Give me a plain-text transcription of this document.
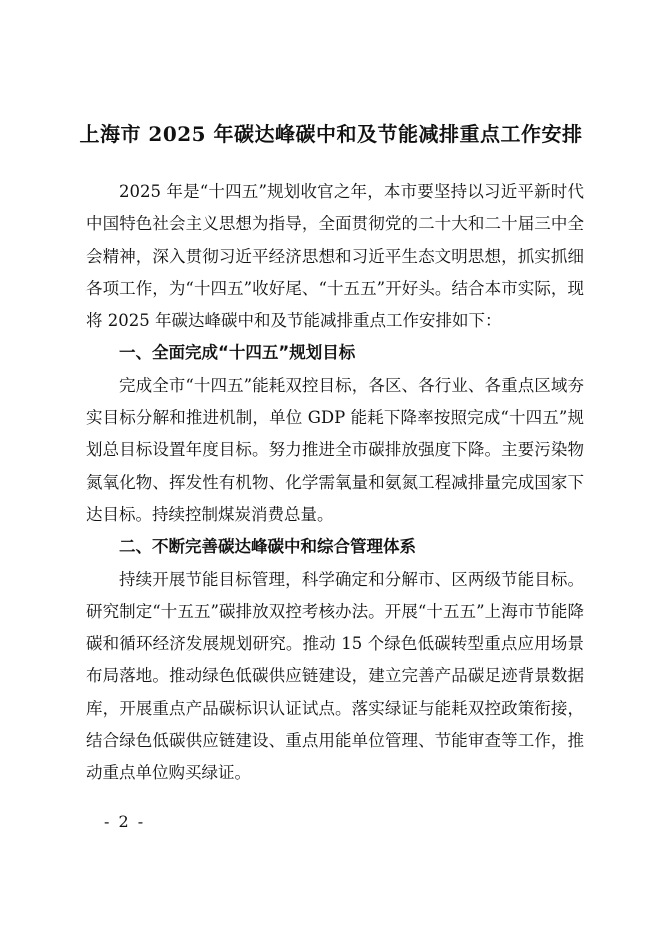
上海市 2025 年碳达峰碳中和及节能减排重点工作安排

2025 年是“十四五”规划收官之年，本市要坚持以习近平新时代中国特色社会主义思想为指导，全面贯彻党的二十大和二十届三中全会精神，深入贯彻习近平经济思想和习近平生态文明思想，抓实抓细各项工作，为“十四五”收好尾、“十五五”开好头。结合本市实际，现将 2025 年碳达峰碳中和及节能减排重点工作安排如下：

一、全面完成“十四五”规划目标

完成全市“十四五”能耗双控目标，各区、各行业、各重点区域夯实目标分解和推进机制，单位 GDP 能耗下降率按照完成“十四五”规划总目标设置年度目标。努力推进全市碳排放强度下降。主要污染物氮氧化物、挥发性有机物、化学需氧量和氨氮工程减排量完成国家下达目标。持续控制煤炭消费总量。

二、不断完善碳达峰碳中和综合管理体系

持续开展节能目标管理，科学确定和分解市、区两级节能目标。研究制定“十五五”碳排放双控考核办法。开展“十五五”上海市节能降碳和循环经济发展规划研究。推动 15 个绿色低碳转型重点应用场景布局落地。推动绿色低碳供应链建设，建立完善产品碳足迹背景数据库，开展重点产品碳标识认证试点。落实绿证与能耗双控政策衔接，结合绿色低碳供应链建设、重点用能单位管理、节能审查等工作，推动重点单位购买绿证。

- 2 -
